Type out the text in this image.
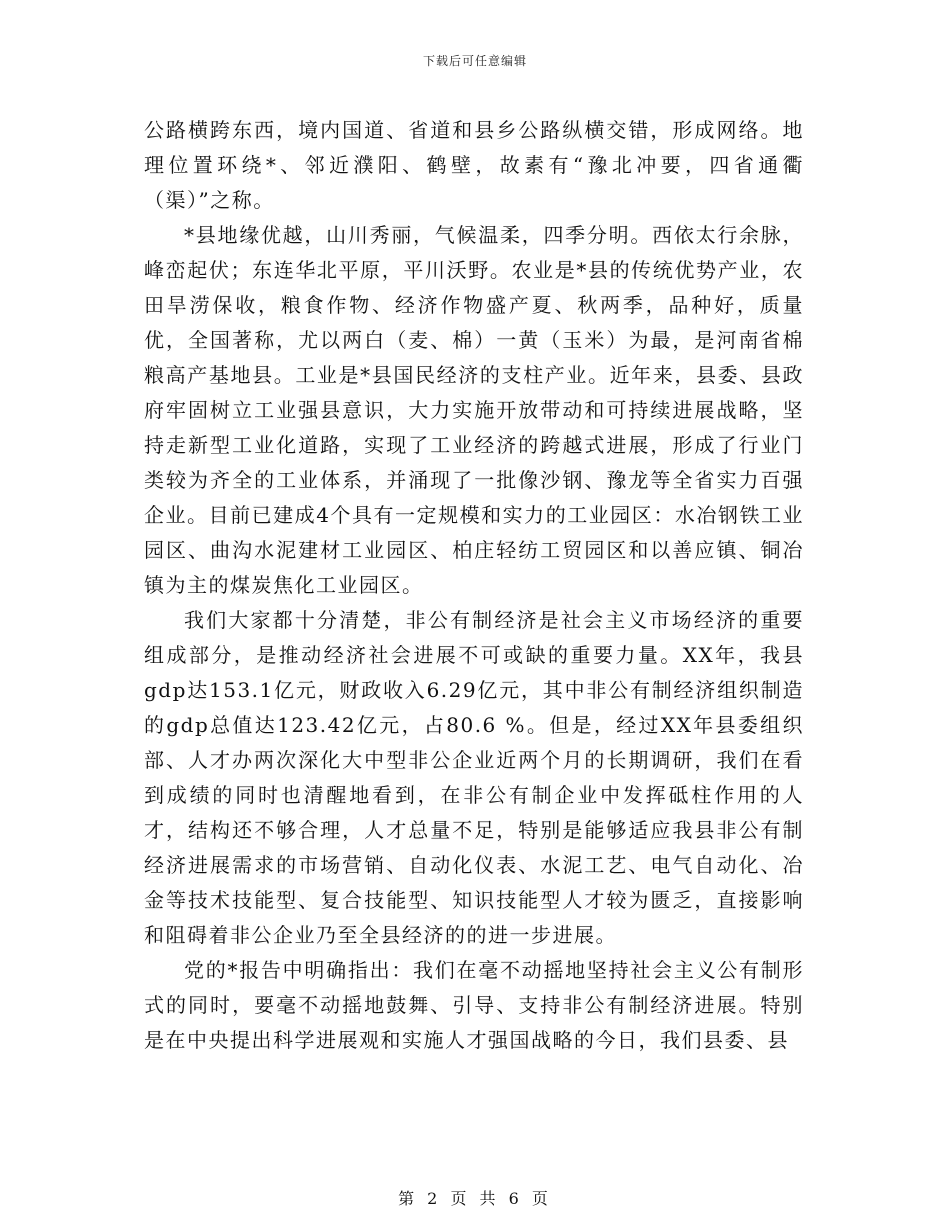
下载后可任意编辑

公路横跨东西，境内国道、省道和县乡公路纵横交错，形成网络。地理位置环绕*、邻近濮阳、鹤壁，故素有“豫北冲要，四省通衢（渠）”之称。

*县地缘优越，山川秀丽，气候温柔，四季分明。西依太行余脉，峰峦起伏；东连华北平原，平川沃野。农业是*县的传统优势产业，农田旱涝保收，粮食作物、经济作物盛产夏、秋两季，品种好，质量优，全国著称，尤以两白（麦、棉）一黄（玉米）为最，是河南省棉粮高产基地县。工业是*县国民经济的支柱产业。近年来，县委、县政府牢固树立工业强县意识，大力实施开放带动和可持续进展战略，坚持走新型工业化道路，实现了工业经济的跨越式进展，形成了行业门类较为齐全的工业体系，并涌现了一批像沙钢、豫龙等全省实力百强企业。目前已建成4个具有一定规模和实力的工业园区：水冶钢铁工业园区、曲沟水泥建材工业园区、柏庄轻纺工贸园区和以善应镇、铜冶镇为主的煤炭焦化工业园区。

我们大家都十分清楚，非公有制经济是社会主义市场经济的重要组成部分，是推动经济社会进展不可或缺的重要力量。XX年，我县gdp达153.1亿元，财政收入6.29亿元，其中非公有制经济组织制造的gdp总值达123.42亿元，占80.6 %。但是，经过XX年县委组织部、人才办两次深化大中型非公企业近两个月的长期调研，我们在看到成绩的同时也清醒地看到，在非公有制企业中发挥砥柱作用的人才，结构还不够合理，人才总量不足，特别是能够适应我县非公有制经济进展需求的市场营销、自动化仪表、水泥工艺、电气自动化、冶金等技术技能型、复合技能型、知识技能型人才较为匮乏，直接影响和阻碍着非公企业乃至全县经济的的进一步进展。

党的*报告中明确指出：我们在毫不动摇地坚持社会主义公有制形式的同时，要毫不动摇地鼓舞、引导、支持非公有制经济进展。特别是在中央提出科学进展观和实施人才强国战略的今日，我们县委、县

第 2 页 共 6 页
